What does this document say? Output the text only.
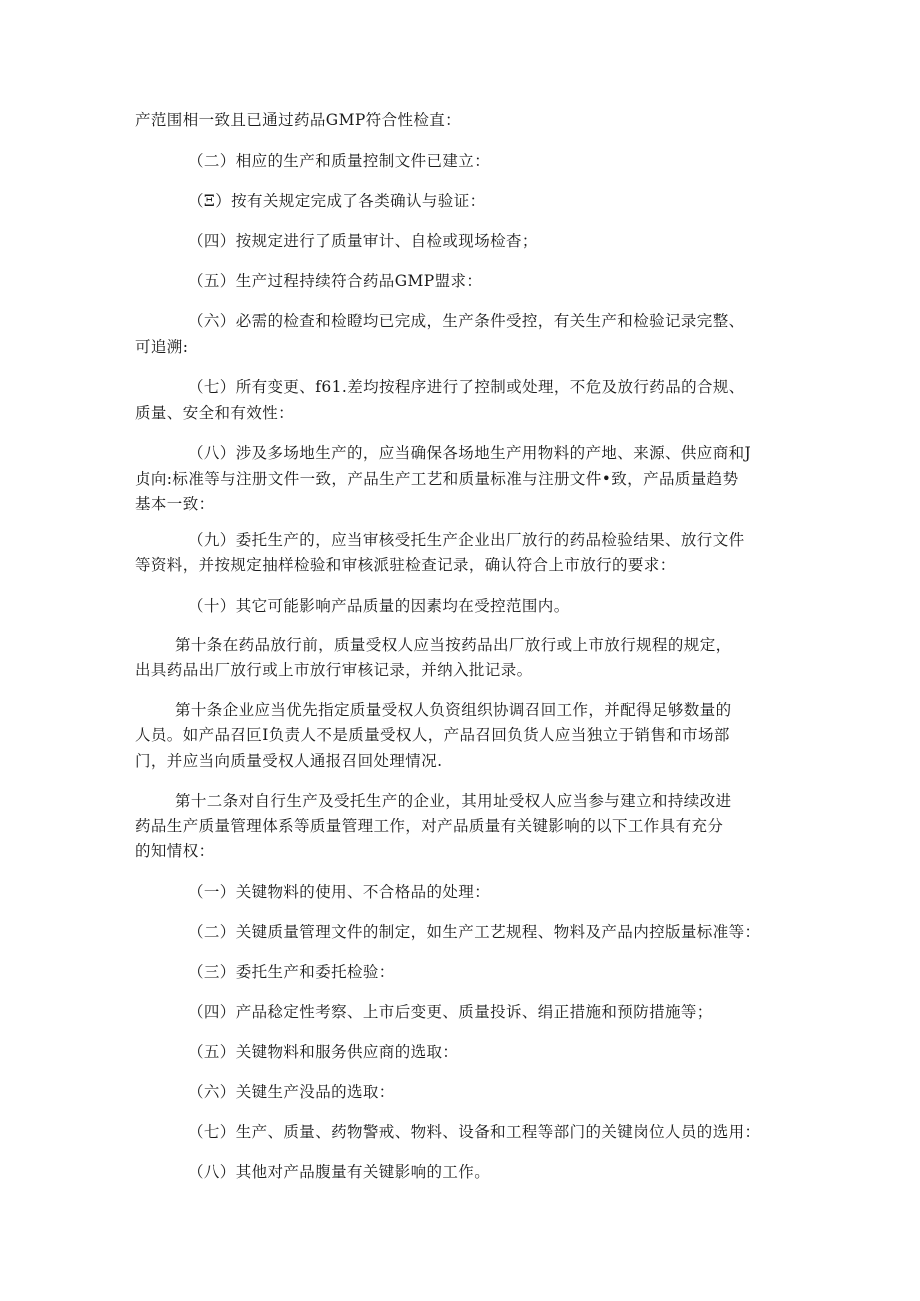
产范围相一致且已通过药品GMP符合性检直：
（二）相应的生产和质量控制文件已建立：
（Ξ）按有关规定完成了各类确认与验证：
（四）按规定进行了质量审计、自检或现场检杳；
（五）生产过程持续符合药品GMP盟求：
（六）必需的检查和检瞪均已完成，生产条件受控，有关生产和检验记录完整、
可追溯:
（七）所有变更、f61.差均按程序进行了控制或处理，不危及放行药品的合规、
质量、安全和有效性：
（八）涉及多场地生产的，应当确保各场地生产用物料的产地、来源、供应商和J
贞向:标准等与注册文件一致，产品生产工艺和质量标准与注册文件•致，产品质量趋势
基本一致：
（九）委托生产的，应当审核受托生产企业出厂放行的药品检验结果、放行文件
等资料，并按规定抽样检验和审核派驻检查记录，确认符合上市放行的要求：
（十）其它可能影响产品质量的因素均在受控范围内。
第十条在药品放行前，质量受权人应当按药品出厂放行或上市放行规程的规定，
出具药品出厂放行或上市放行审核记录，并纳入批记录。
第十条企业应当优先指定质量受权人负资组织协调召回工作，并配得足够数量的
人员。如产品召叵I负责人不是质量受权人，产品召回负货人应当独立于销售和市场部
门，并应当向质量受权人通报召回处理情况.
第十二条对自行生产及受托生产的企业，其用址受权人应当参与建立和持续改进
药品生产质量管理体系等质量管理工作，对产品质量有关键影响的以下工作具有充分
的知情权：
（一）关键物料的使用、不合格品的处理：
（二）关键质量管理文件的制定，如生产工艺规程、物料及产品内控版量标准等：
（三）委托生产和委托检验：
（四）产品稔定性考察、上市后变更、质量投诉、绢正措施和预防措施等；
（五）关键物料和服务供应商的选取：
（六）关键生产没品的选取：
（七）生产、质量、药物警戒、物料、设备和工程等部门的关键岗位人员的选用：
（八）其他对产品腹量有关键影响的工作。
